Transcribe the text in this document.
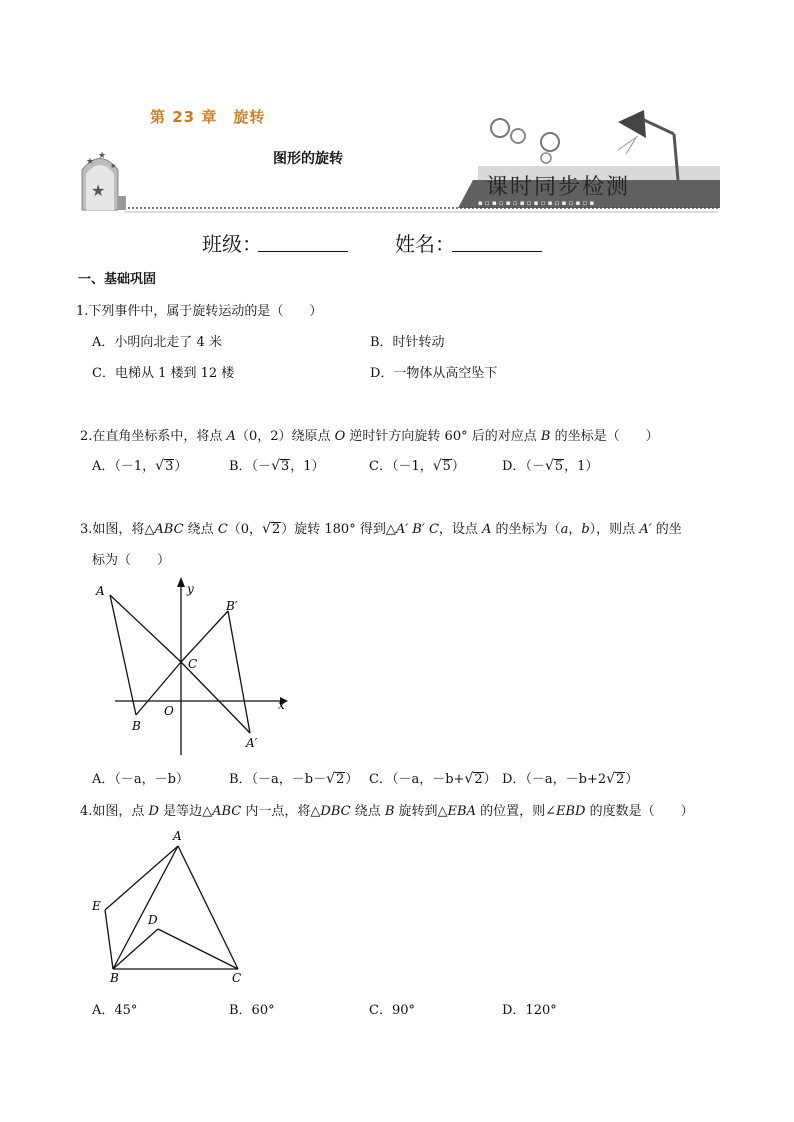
★
★
★
★
▪ ▫ ▪ ▫ ▪ ▫ ▪ ▫ ▪ ▫ ▪ ▫ ▪ ▫ ▪ ▫ ▪
第 23 章　旋转
图形的旋转
课时同步检测
班级：	姓名：
一、基础巩固
1.下列事件中，属于旋转运动的是（　　）
A．小明向北走了 4 米	B．时针转动
C．电梯从 1 楼到 12 楼	D．一物体从高空坠下
2.在直角坐标系中，将点 A（0，2）绕原点 O 逆时针方向旋转 60° 后的对应点 B 的坐标是（　　）
A．（－1，√3）	B．（－√3，1）	C．（－1，√5）	D．（－√5，1）
3.如图，将△ABC 绕点 C（0，√2）旋转 180° 得到△A′ B′ C，设点 A 的坐标为（a，b），则点 A′ 的坐
标为（　　）
A
B′
C
B
O
A′
x
y
A．（－a，－b）	B．（－a，－b－√2） C．（－a，－b+√2） D．（－a，－b+2√2）
4.如图，点 D 是等边△ABC 内一点，将△DBC 绕点 B 旋转到△EBA 的位置，则∠EBD 的度数是（　　）
A
E
D
B	C
A．45°	B．60°	C．90°	D．120°
